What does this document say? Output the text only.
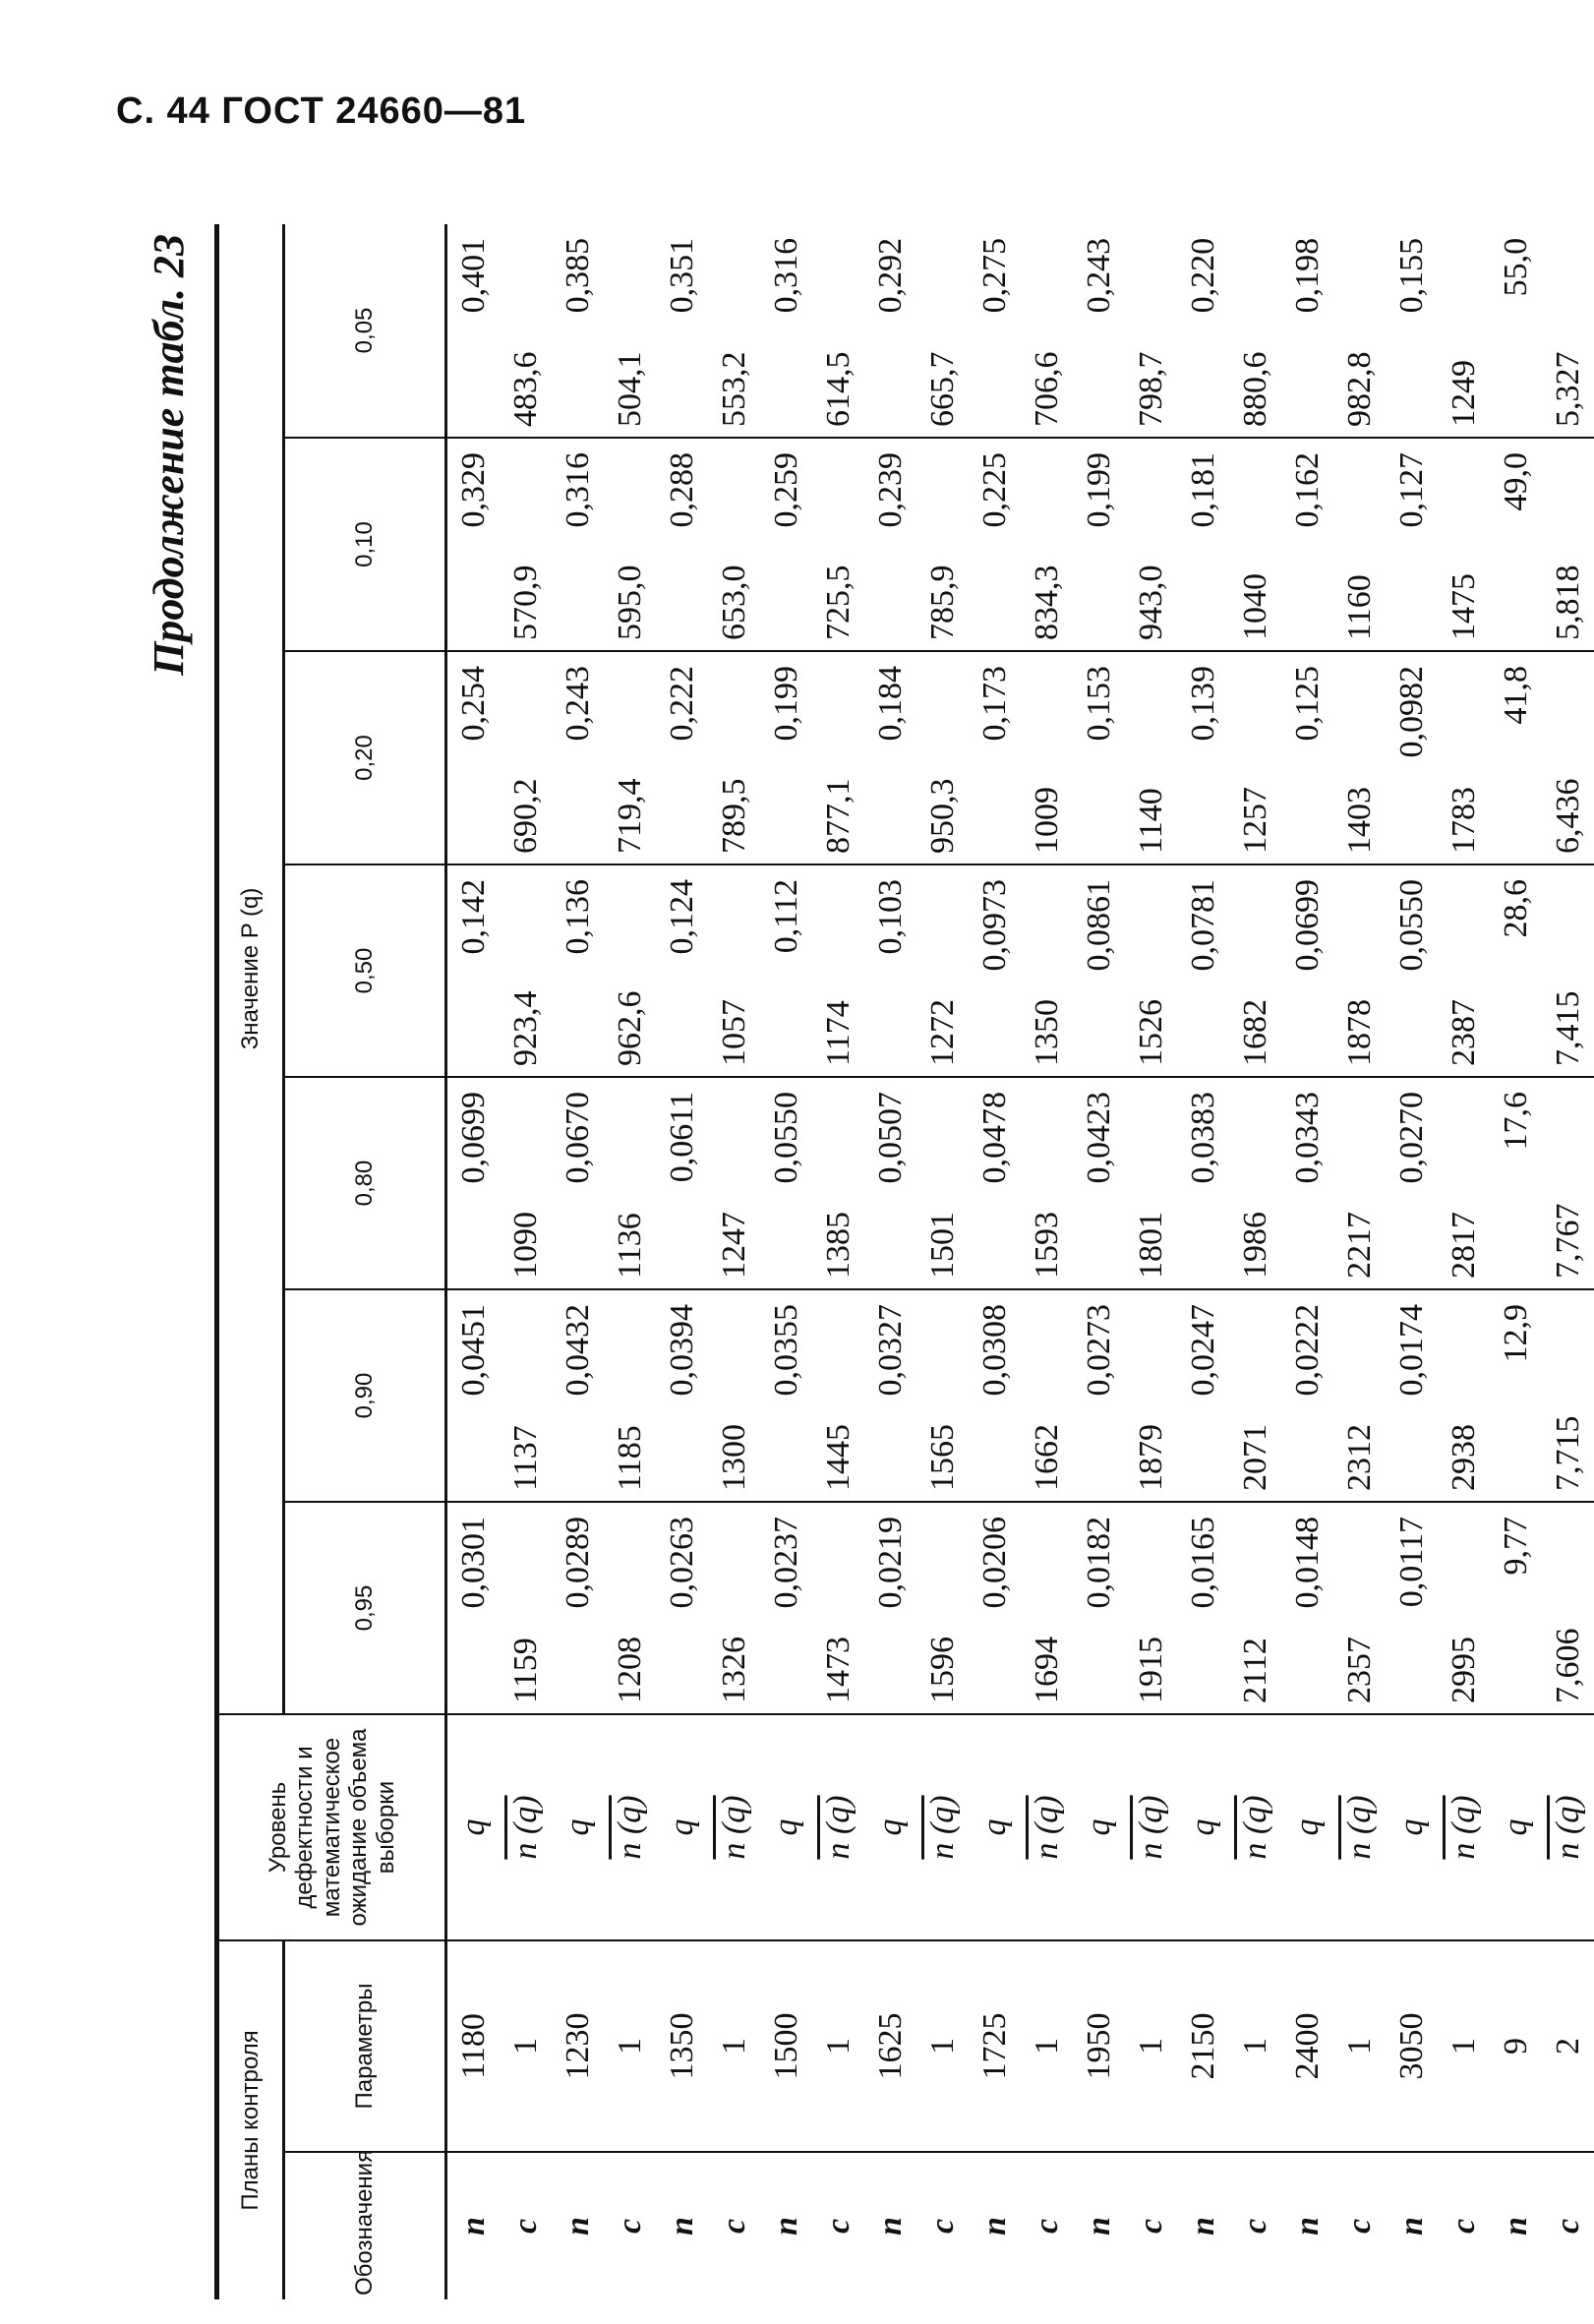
С. 44 ГОСТ 24660—81
Продолжение табл. 23
Планы контроля		Уровень дефектности и математическое ожидание объема выборки	Значение P (q)						
Обозначения	Параметры		0,95	0,90	0,80	0,50	0,20	0,10	0,05
n	1180	q	0,0301	0,0451	0,0699	0,142	0,254	0,329	0,401
c	1	n (q)	1159	1137	1090	923,4	690,2	570,9	483,6
n	1230	q	0,0289	0,0432	0,0670	0,136	0,243	0,316	0,385
c	1	n (q)	1208	1185	1136	962,6	719,4	595,0	504,1
n	1350	q	0,0263	0,0394	0,0611	0,124	0,222	0,288	0,351
c	1	n (q)	1326	1300	1247	1057	789,5	653,0	553,2
n	1500	q	0,0237	0,0355	0,0550	0,112	0,199	0,259	0,316
c	1	n (q)	1473	1445	1385	1174	877,1	725,5	614,5
n	1625	q	0,0219	0,0327	0,0507	0,103	0,184	0,239	0,292
c	1	n (q)	1596	1565	1501	1272	950,3	785,9	665,7
n	1725	q	0,0206	0,0308	0,0478	0,0973	0,173	0,225	0,275
c	1	n (q)	1694	1662	1593	1350	1009	834,3	706,6
n	1950	q	0,0182	0,0273	0,0423	0,0861	0,153	0,199	0,243
c	1	n (q)	1915	1879	1801	1526	1140	943,0	798,7
n	2150	q	0,0165	0,0247	0,0383	0,0781	0,139	0,181	0,220
c	1	n (q)	2112	2071	1986	1682	1257	1040	880,6
n	2400	q	0,0148	0,0222	0,0343	0,0699	0,125	0,162	0,198
c	1	n (q)	2357	2312	2217	1878	1403	1160	982,8
n	3050	q	0,0117	0,0174	0,0270	0,0550	0,0982	0,127	0,155
c	1	n (q)	2995	2938	2817	2387	1783	1475	1249
n	9	q	9,77	12,9	17,6	28,6	41,8	49,0	55,0
c	2	n (q)	7,606	7,715	7,767	7,415	6,436	5,818	5,327
